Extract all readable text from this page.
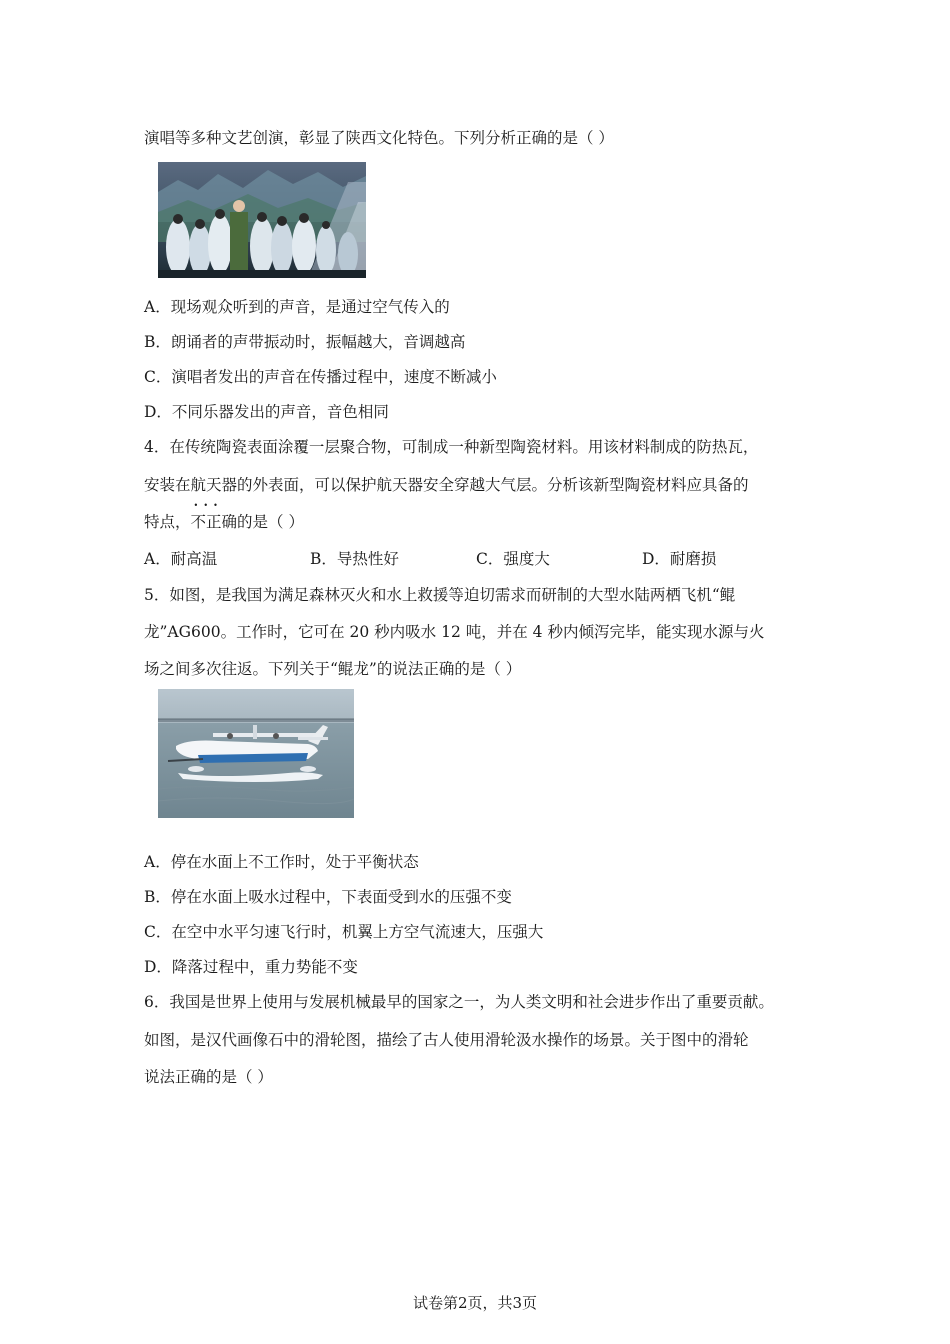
演唱等多种文艺创演，彰显了陕西文化特色。下列分析正确的是（ ）
A．现场观众听到的声音，是通过空气传入的
B．朗诵者的声带振动时，振幅越大，音调越高
C．演唱者发出的声音在传播过程中，速度不断减小
D．不同乐器发出的声音，音色相同
4．在传统陶瓷表面涂覆一层聚合物，可制成一种新型陶瓷材料。用该材料制成的防热瓦，
安装在航天器的外表面，可以保护航天器安全穿越大气层。分析该新型陶瓷材料应具备的
特点，•  •  • 不正确的是（ ）
A．耐高温	B．导热性好	C．强度大	D．耐磨损
5．如图，是我国为满足森林灭火和水上救援等迫切需求而研制的大型水陆两栖飞机“鲲
龙”AG600。工作时，它可在 20 秒内吸水 12 吨，并在 4 秒内倾泻完毕，能实现水源与火
场之间多次往返。下列关于“鲲龙”的说法正确的是（ ）
A．停在水面上不工作时，处于平衡状态
B．停在水面上吸水过程中，下表面受到水的压强不变
C．在空中水平匀速飞行时，机翼上方空气流速大，压强大
D．降落过程中，重力势能不变
6．我国是世界上使用与发展机械最早的国家之一，为人类文明和社会进步作出了重要贡献。
如图，是汉代画像石中的滑轮图，描绘了古人使用滑轮汲水操作的场景。关于图中的滑轮
说法正确的是（ ）
试卷第2页，共3页
